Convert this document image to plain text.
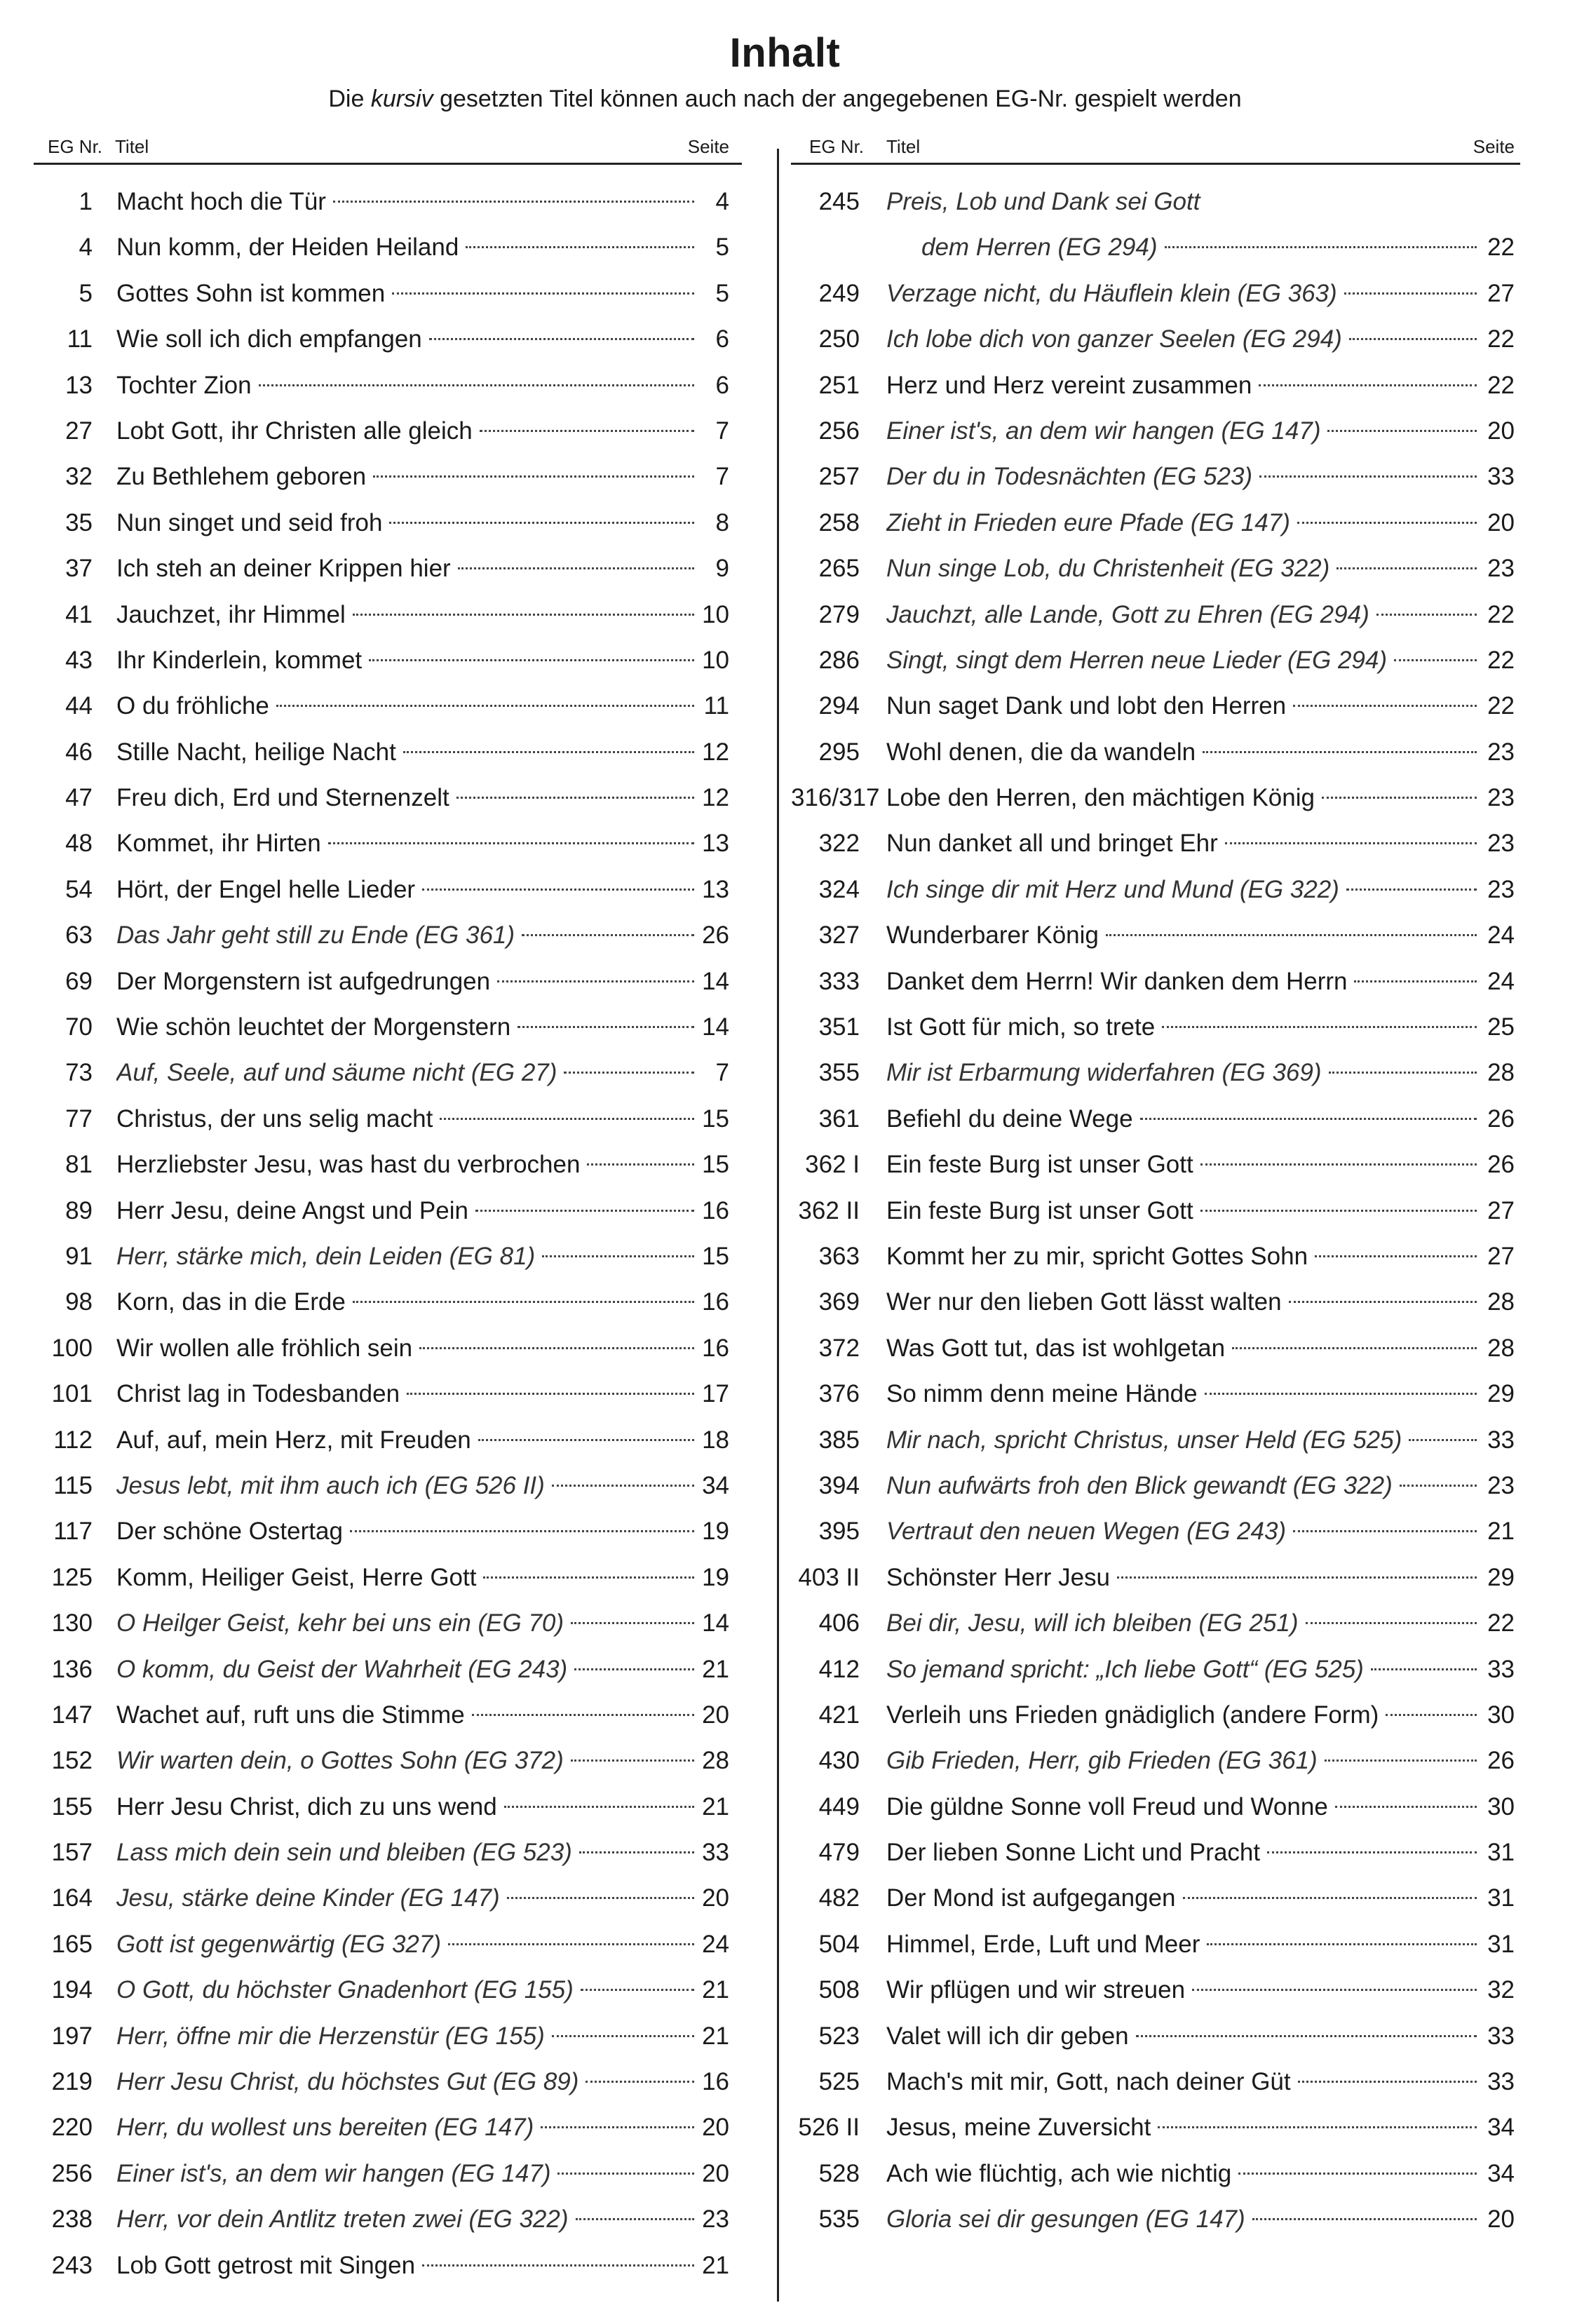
Inhalt
Die kursiv gesetzten Titel können auch nach der angegebenen EG-Nr. gespielt werden
EG Nr. Titel	Seite
1 Macht hoch die Tür	4
4 Nun komm, der Heiden Heiland	5
5 Gottes Sohn ist kommen	5
11 Wie soll ich dich empfangen	6
13 Tochter Zion	6
27 Lobt Gott, ihr Christen alle gleich	7
32 Zu Bethlehem geboren	7
35 Nun singet und seid froh	8
37 Ich steh an deiner Krippen hier	9
41 Jauchzet, ihr Himmel	10
43 Ihr Kinderlein, kommet	10
44 O du fröhliche	11
46 Stille Nacht, heilige Nacht	12
47 Freu dich, Erd und Sternenzelt	12
48 Kommet, ihr Hirten	13
54 Hört, der Engel helle Lieder	13
63 Das Jahr geht still zu Ende (EG 361)	26
69 Der Morgenstern ist aufgedrungen	14
70 Wie schön leuchtet der Morgenstern	14
73 Auf, Seele, auf und säume nicht (EG 27)	7
77 Christus, der uns selig macht	15
81 Herzliebster Jesu, was hast du verbrochen	15
89 Herr Jesu, deine Angst und Pein	16
91 Herr, stärke mich, dein Leiden (EG 81)	15
98 Korn, das in die Erde	16
100 Wir wollen alle fröhlich sein	16
101 Christ lag in Todesbanden	17
112 Auf, auf, mein Herz, mit Freuden	18
115 Jesus lebt, mit ihm auch ich (EG 526 II)	34
117 Der schöne Ostertag	19
125 Komm, Heiliger Geist, Herre Gott	19
130 O Heilger Geist, kehr bei uns ein (EG 70)	14
136 O komm, du Geist der Wahrheit (EG 243)	21
147 Wachet auf, ruft uns die Stimme	20
152 Wir warten dein, o Gottes Sohn (EG 372)	28
155 Herr Jesu Christ, dich zu uns wend	21
157 Lass mich dein sein und bleiben (EG 523)	33
164 Jesu, stärke deine Kinder (EG 147)	20
165 Gott ist gegenwärtig (EG 327)	24
194 O Gott, du höchster Gnadenhort (EG 155)	21
197 Herr, öffne mir die Herzenstür (EG 155)	21
219 Herr Jesu Christ, du höchstes Gut (EG 89)	16
220 Herr, du wollest uns bereiten (EG 147)	20
256 Einer ist's, an dem wir hangen (EG 147)	20
238 Herr, vor dein Antlitz treten zwei (EG 322)	23
243 Lob Gott getrost mit Singen	21
EG Nr. Titel	Seite
245 Preis, Lob und Dank sei Gott
dem Herren (EG 294)	22
249 Verzage nicht, du Häuflein klein (EG 363)	27
250 Ich lobe dich von ganzer Seelen (EG 294)	22
251 Herz und Herz vereint zusammen	22
256 Einer ist's, an dem wir hangen (EG 147)	20
257 Der du in Todesnächten (EG 523)	33
258 Zieht in Frieden eure Pfade (EG 147)	20
265 Nun singe Lob, du Christenheit (EG 322)	23
279 Jauchzt, alle Lande, Gott zu Ehren (EG 294)	22
286 Singt, singt dem Herren neue Lieder (EG 294)	22
294 Nun saget Dank und lobt den Herren	22
295 Wohl denen, die da wandeln	23
316/317 Lobe den Herren, den mächtigen König	23
322 Nun danket all und bringet Ehr	23
324 Ich singe dir mit Herz und Mund (EG 322)	23
327 Wunderbarer König	24
333 Danket dem Herrn! Wir danken dem Herrn	24
351 Ist Gott für mich, so trete	25
355 Mir ist Erbarmung widerfahren (EG 369)	28
361 Befiehl du deine Wege	26
362 I Ein feste Burg ist unser Gott	26
362 II Ein feste Burg ist unser Gott	27
363 Kommt her zu mir, spricht Gottes Sohn	27
369 Wer nur den lieben Gott lässt walten	28
372 Was Gott tut, das ist wohlgetan	28
376 So nimm denn meine Hände	29
385 Mir nach, spricht Christus, unser Held (EG 525)	33
394 Nun aufwärts froh den Blick gewandt (EG 322)	23
395 Vertraut den neuen Wegen (EG 243)	21
403 II Schönster Herr Jesu	29
406 Bei dir, Jesu, will ich bleiben (EG 251)	22
412 So jemand spricht: „Ich liebe Gott“ (EG 525)	33
421 Verleih uns Frieden gnädiglich (andere Form)	30
430 Gib Frieden, Herr, gib Frieden (EG 361)	26
449 Die güldne Sonne voll Freud und Wonne	30
479 Der lieben Sonne Licht und Pracht	31
482 Der Mond ist aufgegangen	31
504 Himmel, Erde, Luft und Meer	31
508 Wir pflügen und wir streuen	32
523 Valet will ich dir geben	33
525 Mach's mit mir, Gott, nach deiner Güt	33
526 II Jesus, meine Zuversicht	34
528 Ach wie flüchtig, ach wie nichtig	34
535 Gloria sei dir gesungen (EG 147)	20
